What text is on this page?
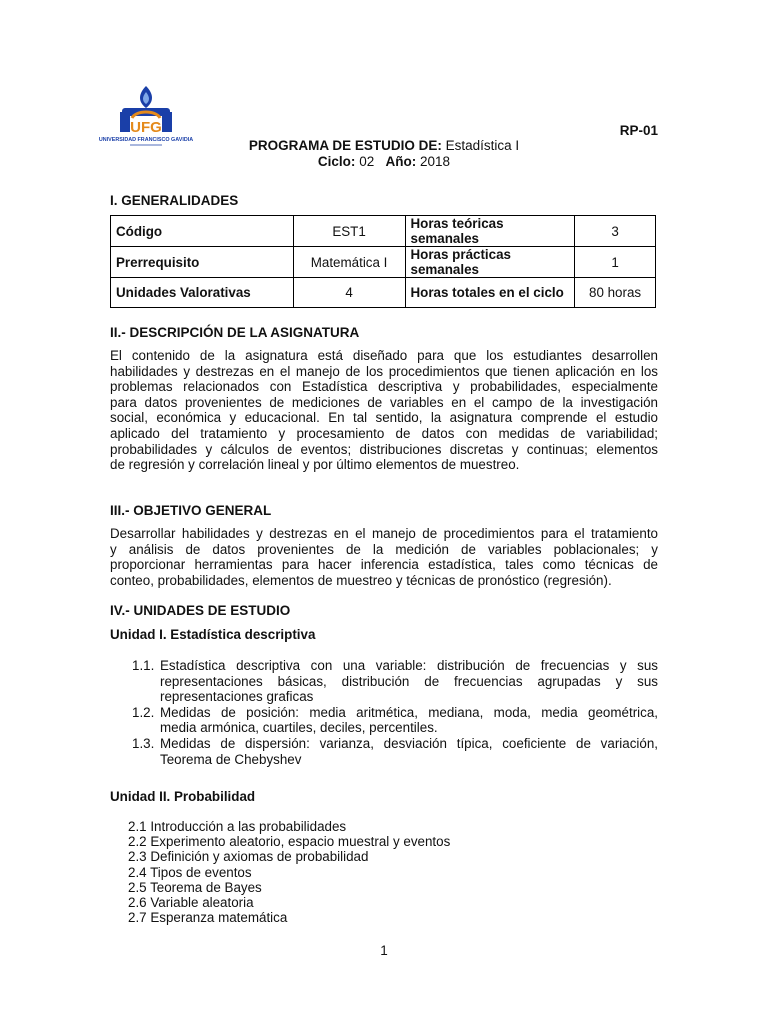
UFG
UNIVERSIDAD FRANCISCO GAVIDIA
RP-01
PROGRAMA DE ESTUDIO DE: Estadística I
Ciclo: 02 Año: 2018
I. GENERALIDADES
Código	EST1	Horas teóricas semanales	3
Prerrequisito	Matemática I	Horas prácticas semanales	1
Unidades Valorativas	4	Horas totales en el ciclo	80 horas
II.- DESCRIPCIÓN DE LA ASIGNATURA
El contenido de la asignatura está diseñado para que los estudiantes desarrollen
habilidades y destrezas en el manejo de los procedimientos que tienen aplicación en los
problemas relacionados con Estadística descriptiva y probabilidades, especialmente
para datos provenientes de mediciones de variables en el campo de la investigación
social, económica y educacional. En tal sentido, la asignatura comprende el estudio
aplicado del tratamiento y procesamiento de datos con medidas de variabilidad;
probabilidades y cálculos de eventos; distribuciones discretas y continuas; elementos
de regresión y correlación lineal y por último elementos de muestreo.
III.- OBJETIVO GENERAL
Desarrollar habilidades y destrezas en el manejo de procedimientos para el tratamiento
y análisis de datos provenientes de la medición de variables poblacionales; y
proporcionar herramientas para hacer inferencia estadística, tales como técnicas de
conteo, probabilidades, elementos de muestreo y técnicas de pronóstico (regresión).
IV.- UNIDADES DE ESTUDIO
Unidad I. Estadística descriptiva
1.1. Estadística descriptiva con una variable: distribución de frecuencias y sus
representaciones básicas, distribución de frecuencias agrupadas y sus
representaciones graficas
1.2. Medidas de posición: media aritmética, mediana, moda, media geométrica,
media armónica, cuartiles, deciles, percentiles.
1.3. Medidas de dispersión: varianza, desviación típica, coeficiente de variación,
Teorema de Chebyshev
Unidad II. Probabilidad
2.1 Introducción a las probabilidades
2.2 Experimento aleatorio, espacio muestral y eventos
2.3 Definición y axiomas de probabilidad
2.4 Tipos de eventos
2.5 Teorema de Bayes
2.6 Variable aleatoria
2.7 Esperanza matemática
1
